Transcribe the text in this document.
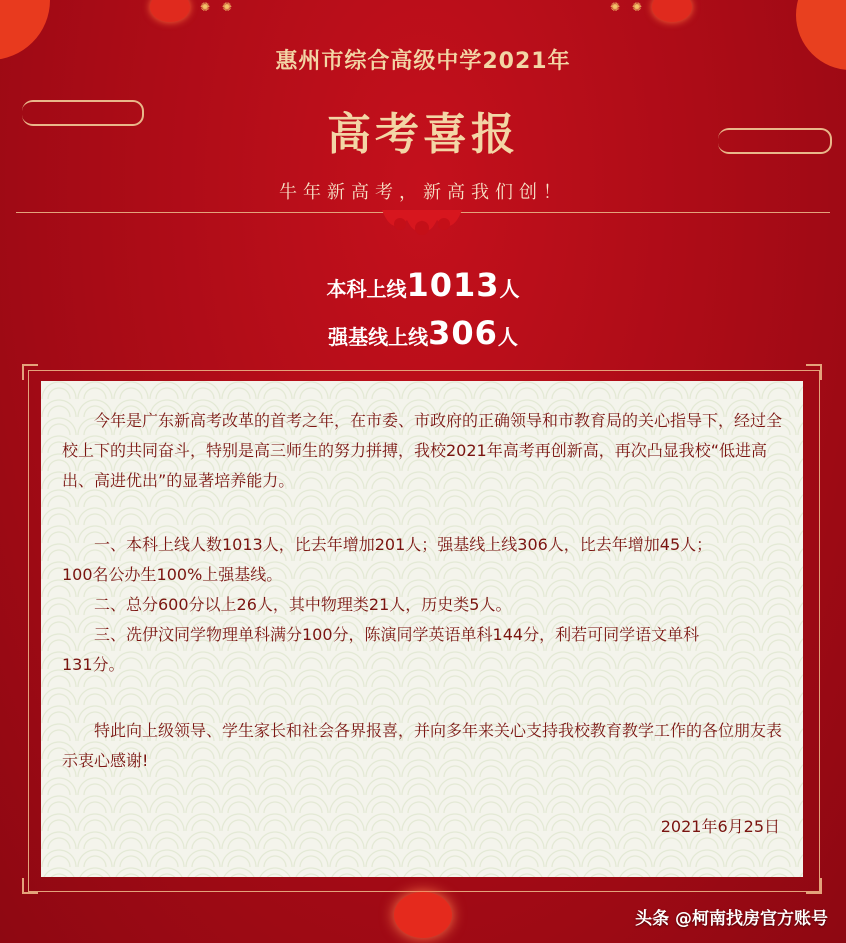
✺ ✺	✺ ✺
惠州市综合高级中学2021年
高考喜报
牛年新高考，新高我们创！
本科上线1013人
强基线上线306人
今年是广东新高考改革的首考之年，在市委、市政府的正确领导和市教育局的关心指导下，经过全校上下的共同奋斗，特别是高三师生的努力拼搏，我校2021年高考再创新高，再次凸显我校“低进高出、高进优出”的显著培养能力。
一、本科上线人数1013人，比去年增加201人；强基线上线306人，比去年增加45人；
100名公办生100%上强基线。
二、总分600分以上26人，其中物理类21人，历史类5人。
三、冼伊汶同学物理单科满分100分，陈演同学英语单科144分，利若可同学语文单科
131分。
特此向上级领导、学生家长和社会各界报喜，并向多年来关心支持我校教育教学工作的各位朋友表示衷心感谢!
2021年6月25日
头条 @柯南找房官方账号
